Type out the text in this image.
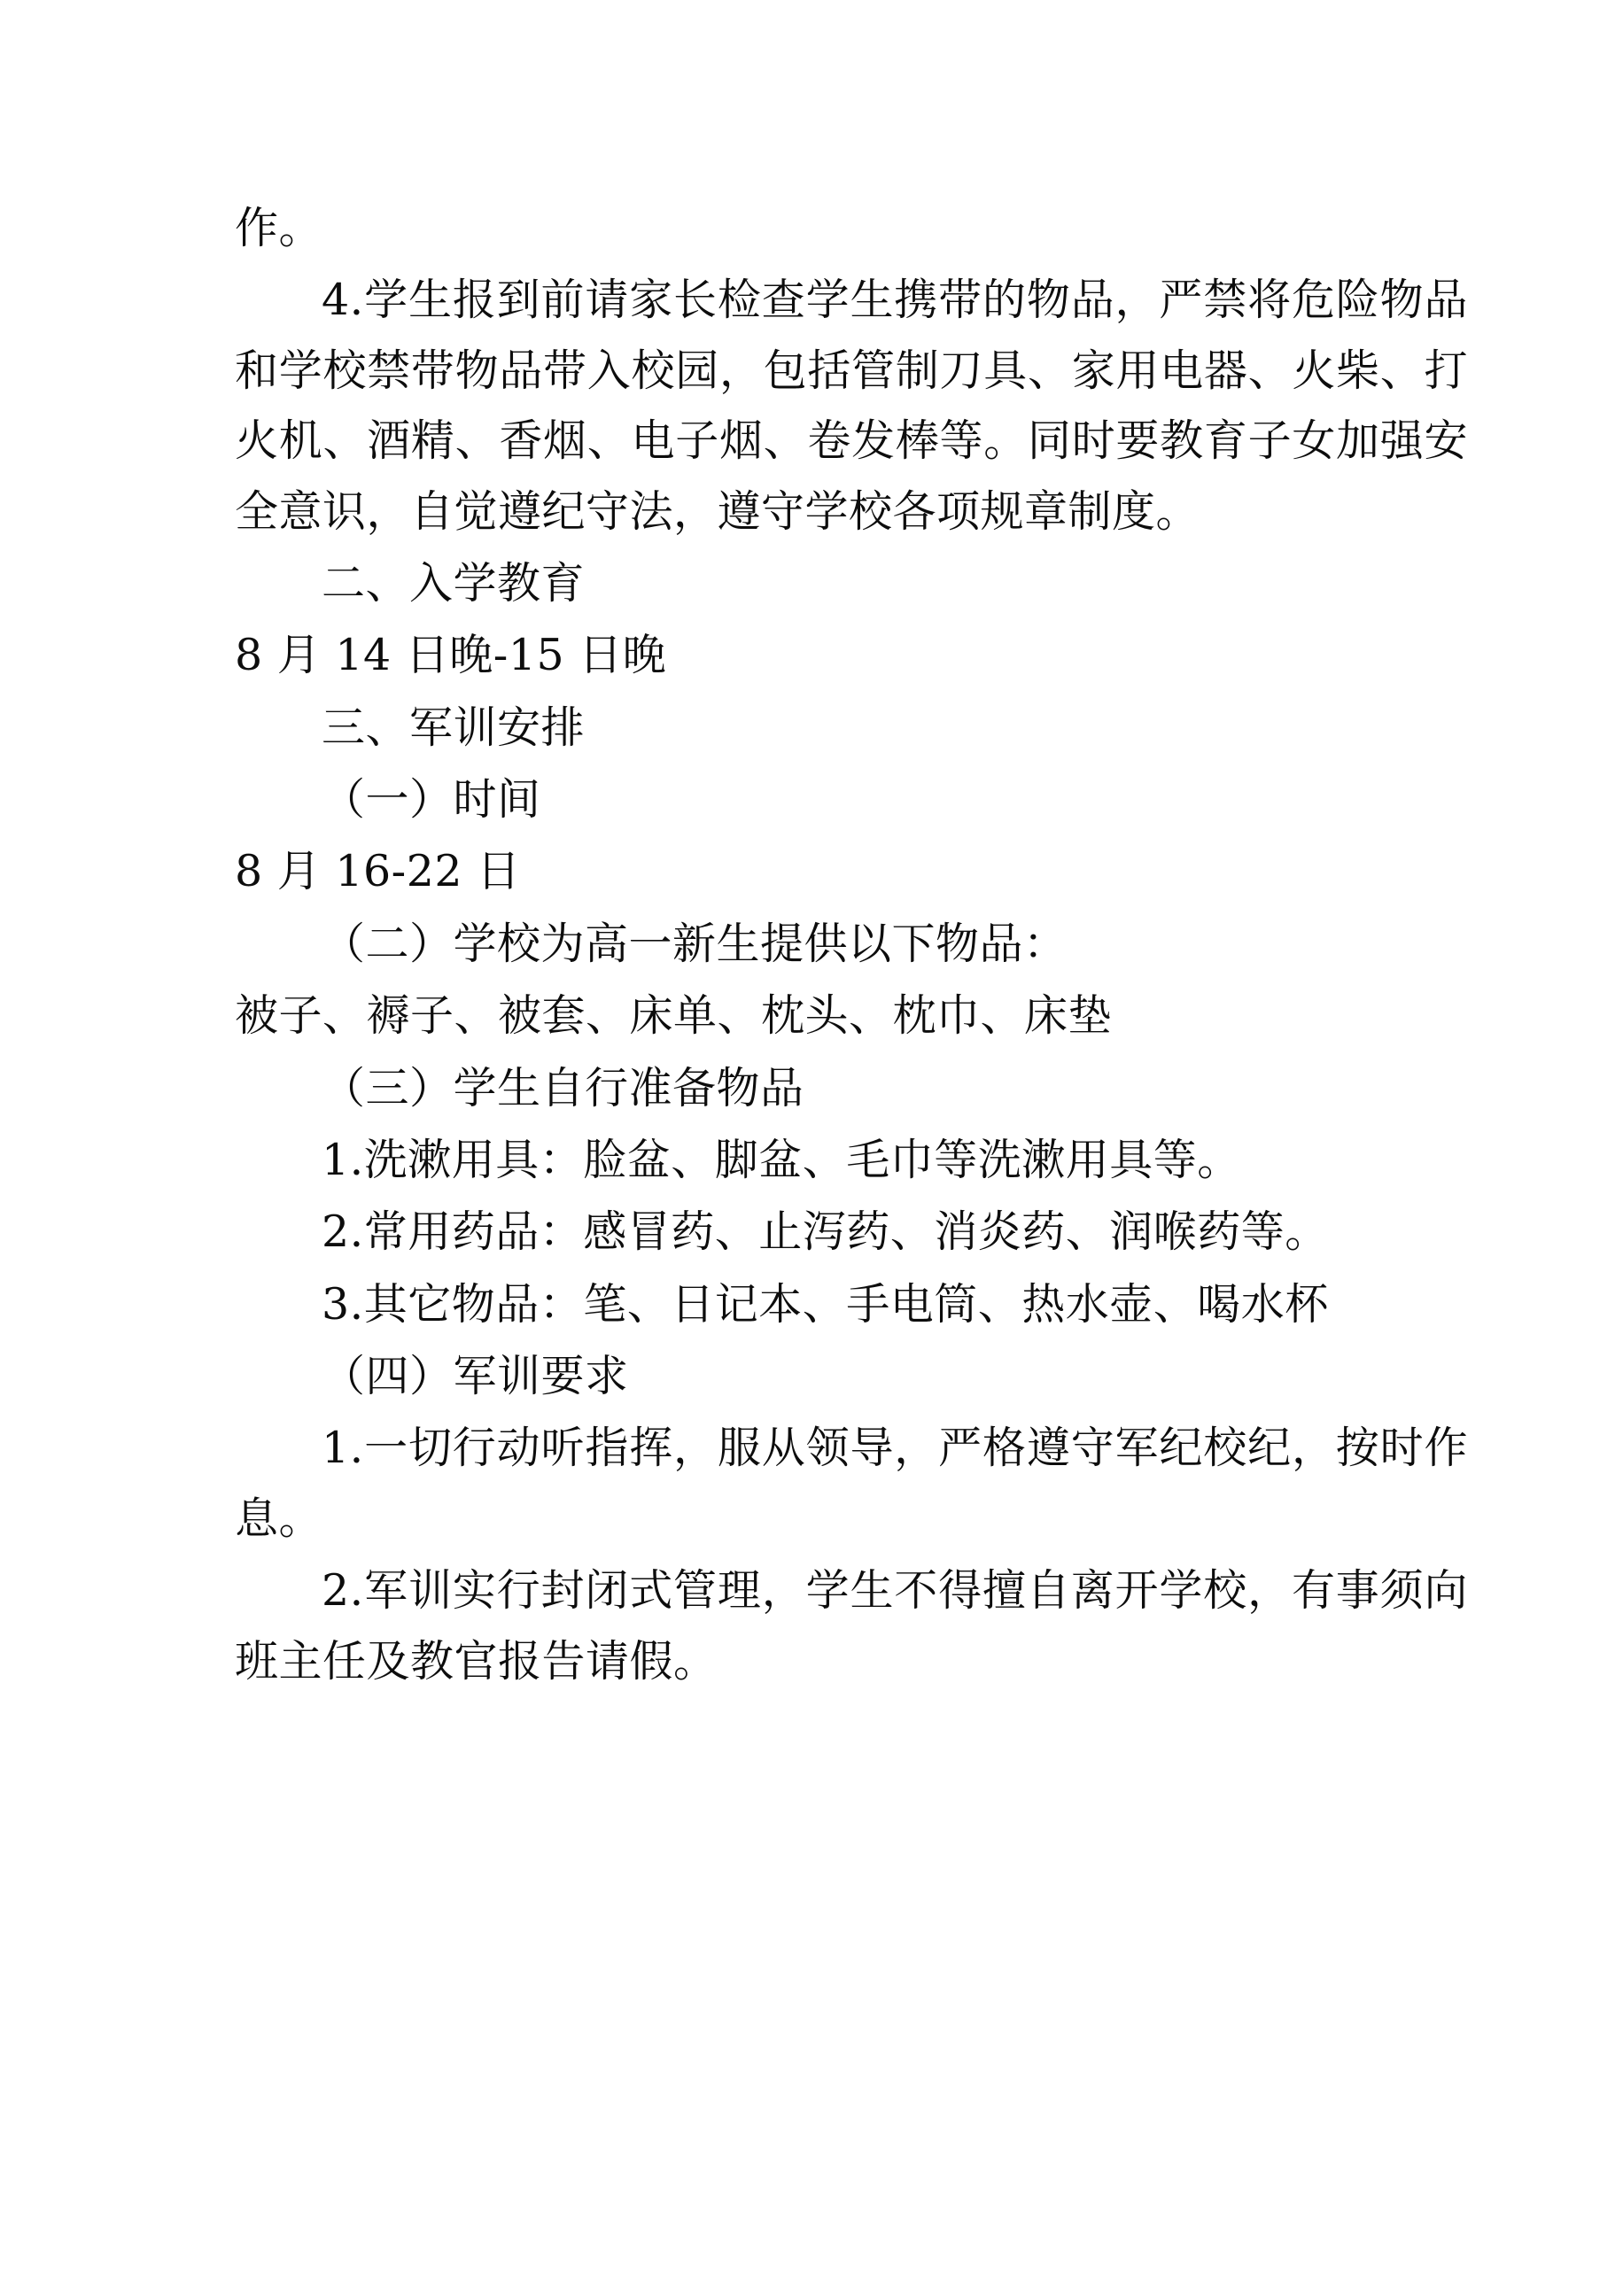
作。

4.学生报到前请家长检查学生携带的物品，严禁将危险物品和学校禁带物品带入校园，包括管制刀具、家用电器、火柴、打火机、酒精、香烟、电子烟、卷发棒等。同时要教育子女加强安全意识，自觉遵纪守法，遵守学校各项规章制度。

二、入学教育

8 月 14 日晚-15 日晚

三、军训安排

（一）时间

8 月 16-22 日

（二）学校为高一新生提供以下物品：

被子、褥子、被套、床单、枕头、枕巾、床垫

（三）学生自行准备物品

1.洗漱用具：脸盆、脚盆、毛巾等洗漱用具等。

2.常用药品：感冒药、止泻药、消炎药、润喉药等。

3.其它物品：笔、日记本、手电筒、热水壶、喝水杯

（四）军训要求

1.一切行动听指挥，服从领导，严格遵守军纪校纪，按时作息。

2.军训实行封闭式管理，学生不得擅自离开学校，有事须向班主任及教官报告请假。
